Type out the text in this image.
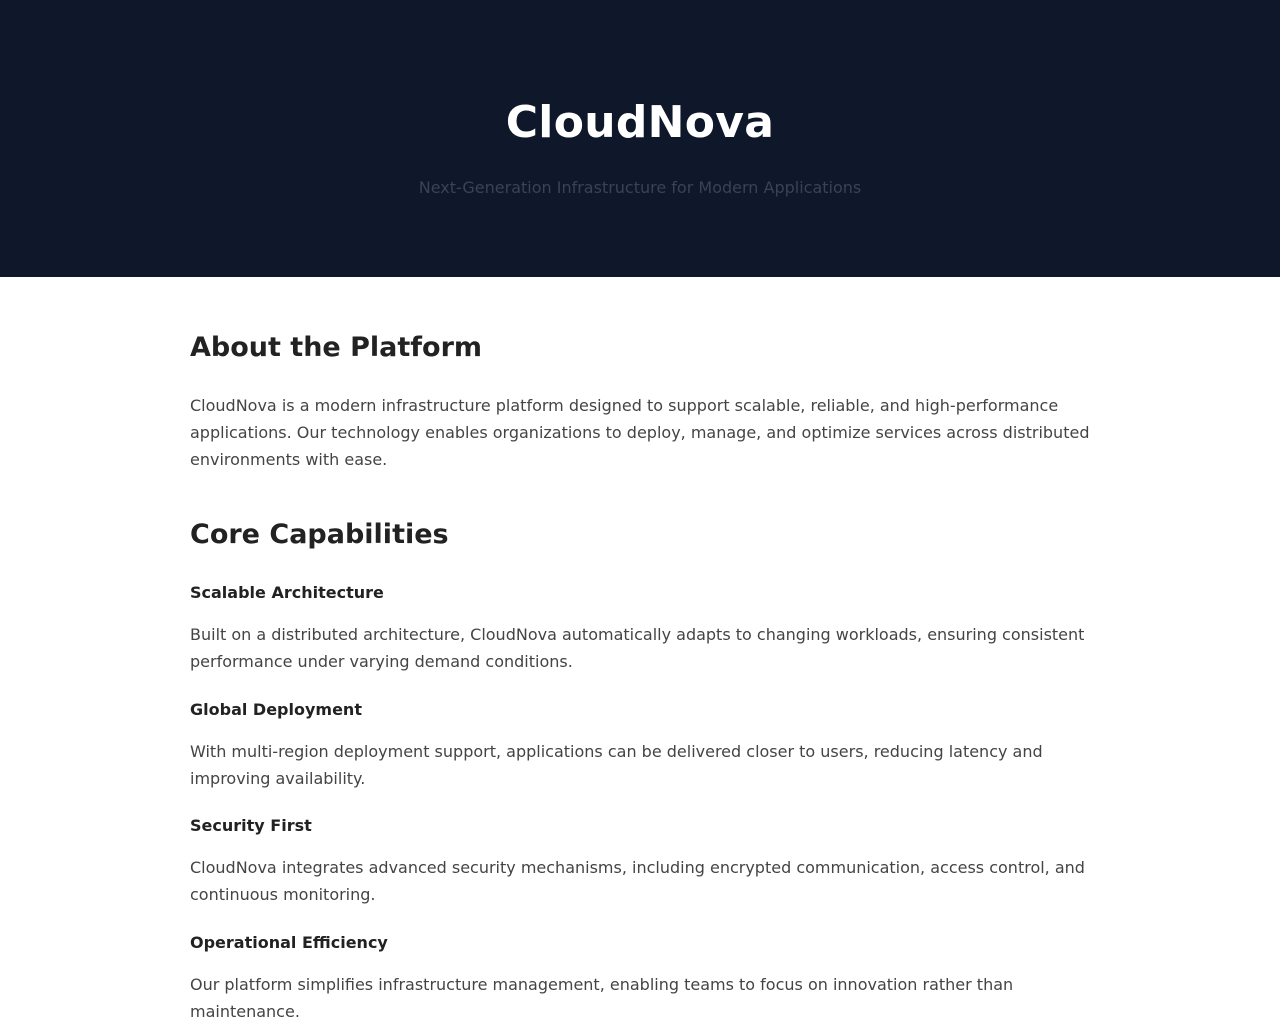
CloudNova

Next-Generation Infrastructure for Modern Applications

About the Platform

CloudNova is a modern infrastructure platform designed to support scalable, reliable, and high-performance applications. Our technology enables organizations to deploy, manage, and optimize services across distributed environments with ease.

Core Capabilities
Scalable Architecture

Built on a distributed architecture, CloudNova automatically adapts to changing workloads, ensuring consistent performance under varying demand conditions.

Global Deployment

With multi-region deployment support, applications can be delivered closer to users, reducing latency and improving availability.

Security First

CloudNova integrates advanced security mechanisms, including encrypted communication, access control, and continuous monitoring.

Operational Efficiency

Our platform simplifies infrastructure management, enabling teams to focus on innovation rather than maintenance.
